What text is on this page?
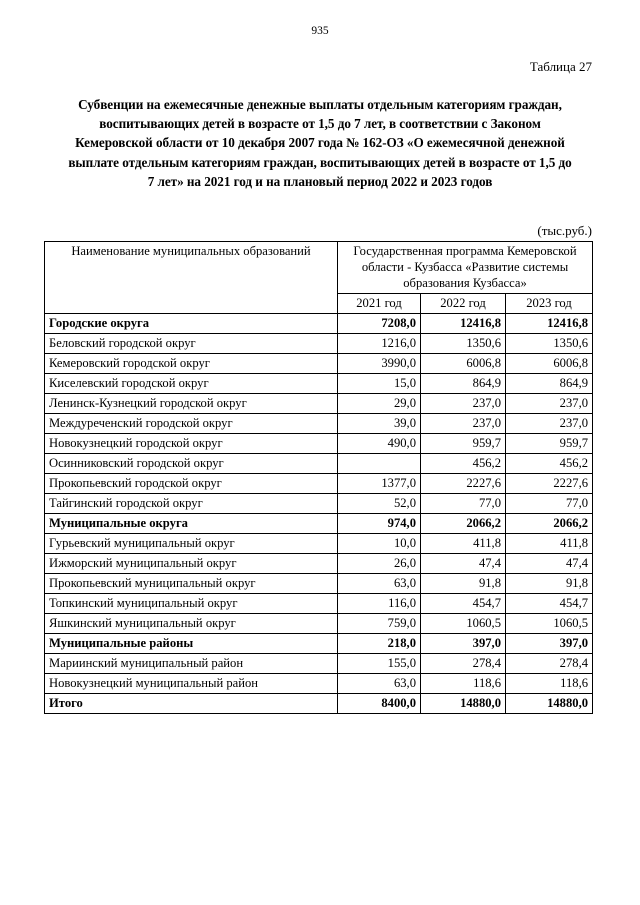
935
Таблица 27
Субвенции на ежемесячные денежные выплаты отдельным категориям граждан,
воспитывающих детей в возрасте от 1,5 до 7 лет, в соответствии с Законом
Кемеровской области от 10 декабря 2007 года № 162-ОЗ «О ежемесячной денежной
выплате отдельным категориям граждан, воспитывающих детей в возрасте от 1,5 до
7 лет» на 2021 год и на плановый период 2022 и 2023 годов
(тыс.руб.)
Наименование муниципальных образований	Государственная программа Кемеровской области - Кузбасса «Развитие системы образования Кузбасса»		
	2021 год	2022 год	2023 год
Городские округа	7208,0	12416,8	12416,8
Беловский городской округ	1216,0	1350,6	1350,6
Кемеровский городской округ	3990,0	6006,8	6006,8
Киселевский городской округ	15,0	864,9	864,9
Ленинск-Кузнецкий городской округ	29,0	237,0	237,0
Междуреченский городской округ	39,0	237,0	237,0
Новокузнецкий городской округ	490,0	959,7	959,7
Осинниковский городской округ		456,2	456,2
Прокопьевский городской округ	1377,0	2227,6	2227,6
Тайгинский городской округ	52,0	77,0	77,0
Муниципальные округа	974,0	2066,2	2066,2
Гурьевский муниципальный округ	10,0	411,8	411,8
Ижморский муниципальный округ	26,0	47,4	47,4
Прокопьевский муниципальный округ	63,0	91,8	91,8
Топкинский муниципальный округ	116,0	454,7	454,7
Яшкинский муниципальный округ	759,0	1060,5	1060,5
Муниципальные районы	218,0	397,0	397,0
Мариинский муниципальный район	155,0	278,4	278,4
Новокузнецкий муниципальный район	63,0	118,6	118,6
Итого	8400,0	14880,0	14880,0
